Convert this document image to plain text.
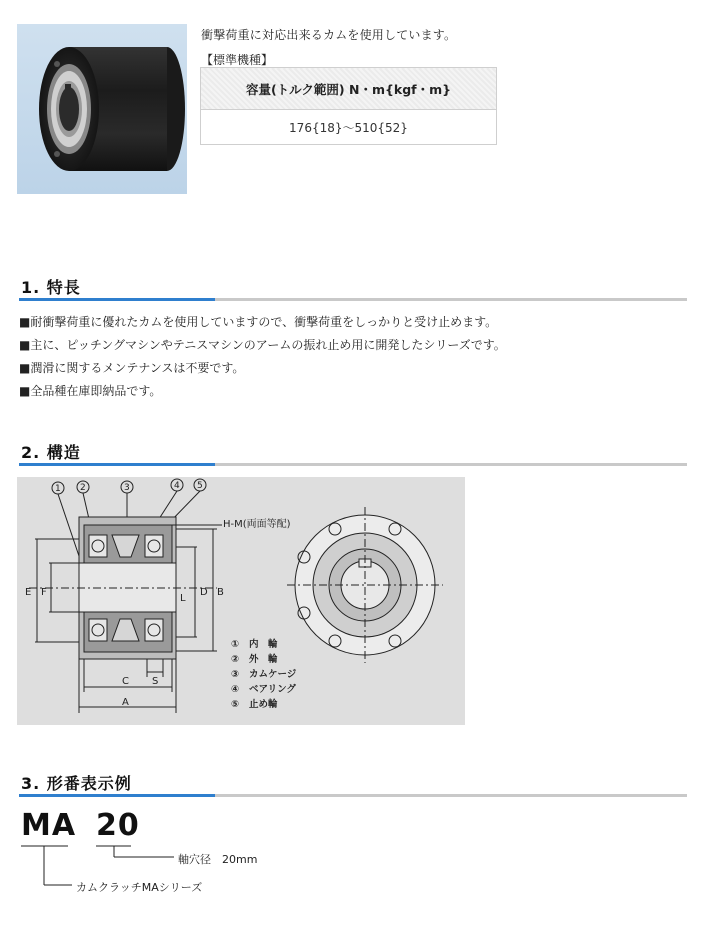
衝撃荷重に対応出来るカムを使用しています。
【標準機種】
容量(トルク範囲) N・m{kgf・m}
176{18}〜510{52}
1. 特長
■耐衝撃荷重に優れたカムを使用していますので、衝撃荷重をしっかりと受け止めます。
■主に、ピッチングマシンやテニスマシンのアームの振れ止め用に開発したシリーズです。
■潤滑に関するメンテナンスは不要です。
■全品種在庫即納品です。
2. 構造
1 2	3	4 5
H-M(両面等配)
E F	D B
L
S
C
A
① 内　輪
② 外　輪
③ カムケージ
④ ベアリング
⑤ 止め輪
3. 形番表示例
MA 20
軸穴径　20mm
カムクラッチMAシリーズ
